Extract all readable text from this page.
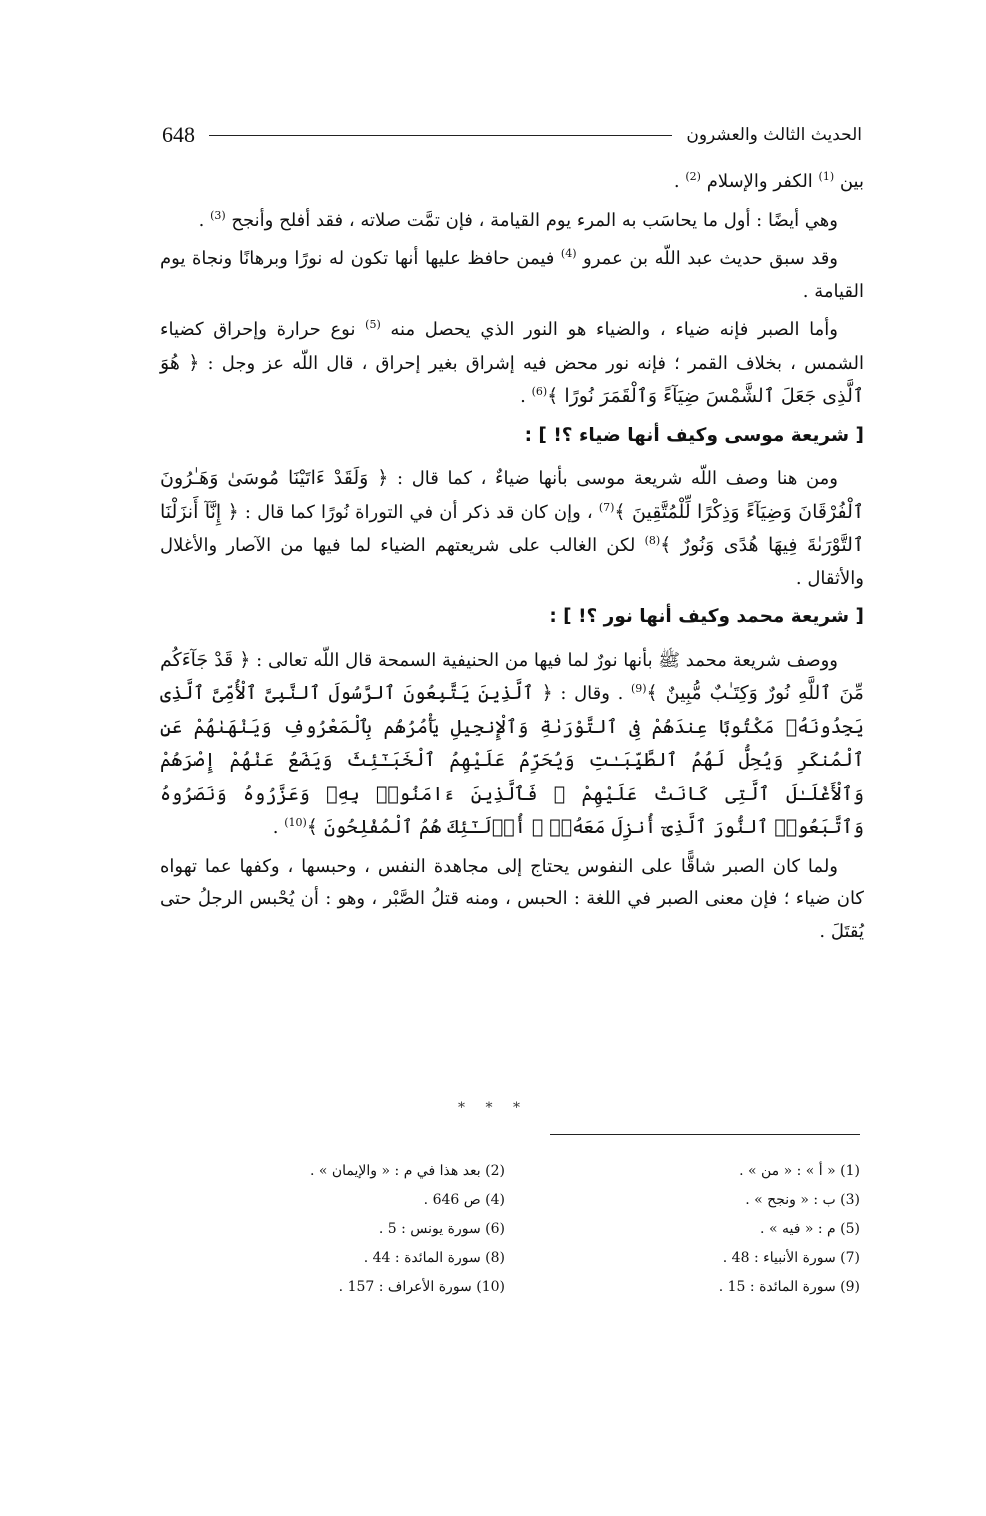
648	الحديث الثالث والعشرون

بين $^{(1)}$ الكفر والإسلام $^{(2)}$ .

وهي أيضًا : أول ما يحاسَب به المرء يوم القيامة ، فإن تمَّت صلاته ، فقد أفلح وأنجح $^{(3)}$ .

وقد سبق حديث عبد اللّه بن عمرو $^{(4)}$ فيمن حافظ عليها أنها تكون له نورًا وبرهانًا ونجاة يوم القيامة .

وأما الصبر فإنه ضياء ، والضياء هو النور الذي يحصل منه $^{(5)}$ نوع حرارة وإحراق كضياء الشمس ، بخلاف القمر ؛ فإنه نور محض فيه إشراق بغير إحراق ، قال اللّه عز وجل : ﴿ هُوَ ٱلَّذِى جَعَلَ ٱلشَّمْسَ ضِيَآءً وَٱلْقَمَرَ نُورًا ﴾$^{(6)}$ .

[ شريعة موسى وكيف أنها ضياء ؟! ] :

ومن هنا وصف اللّه شريعة موسى بأنها ضياءٌ ، كما قال : ﴿ وَلَقَدْ ءَاتَيْنَا مُوسَىٰ وَهَـٰرُونَ ٱلْفُرْقَانَ وَضِيَآءً وَذِكْرًا لِّلْمُتَّقِينَ ﴾$^{(7)}$ ، وإن كان قد ذكر أن في التوراة نُورًا كما قال : ﴿ إِنَّآ أَنزَلْنَا ٱلتَّوْرَىٰةَ فِيهَا هُدًى وَنُورٌ ﴾$^{(8)}$ لكن الغالب على شريعتهم الضياء لما فيها من الآصار والأغلال والأثقال .

[ شريعة محمد وكيف أنها نور ؟! ] :

ووصف شريعة محمد ﷺ بأنها نورٌ لما فيها من الحنيفية السمحة قال اللّه تعالى : ﴿ قَدْ جَآءَكُم مِّنَ ٱللَّهِ نُورٌ وَكِتَـٰبٌ مُّبِينٌ ﴾$^{(9)}$ . وقال : ﴿ ٱلَّذِينَ يَتَّبِعُونَ ٱلرَّسُولَ ٱلنَّبِىَّ ٱلْأُمِّىَّ ٱلَّذِى يَجِدُونَهُۥ مَكْتُوبًا عِندَهُمْ فِى ٱلتَّوْرَىٰةِ وَٱلْإِنجِيلِ يَأْمُرُهُم بِٱلْمَعْرُوفِ وَيَنْهَىٰهُمْ عَنِ ٱلْمُنكَرِ وَيُحِلُّ لَهُمُ ٱلطَّيِّبَـٰتِ وَيُحَرِّمُ عَلَيْهِمُ ٱلْخَبَـٰٓئِثَ وَيَضَعُ عَنْهُمْ إِصْرَهُمْ وَٱلْأَغْلَـٰلَ ٱلَّتِى كَانَتْ عَلَيْهِمْ ۚ فَٱلَّذِينَ ءَامَنُوا۟ بِهِۦ وَعَزَّرُوهُ وَنَصَرُوهُ وَٱتَّبَعُوا۟ ٱلنُّورَ ٱلَّذِىٓ أُنزِلَ مَعَهُۥٓ ۙ أُو۟لَـٰٓئِكَ هُمُ ٱلْمُفْلِحُونَ ﴾$^{(10)}$ .

ولما كان الصبر شاقًّا على النفوس يحتاج إلى مجاهدة النفس ، وحبسها ، وكفها عما تهواه كان ضياء ؛ فإن معنى الصبر في اللغة : الحبس ، ومنه قتلُ الصَّبْر ، وهو : أن يُحْبس الرجلُ حتى يُقتَلَ .

* * *
(1) « أ » : « من » .
(2) بعد هذا في م : « والإيمان » .
(3) ب : « ونجح » .
(4) ص 646 .
(5) م : « فيه » .
(6) سورة يونس : 5 .
(7) سورة الأنبياء : 48 .
(8) سورة المائدة : 44 .
(9) سورة المائدة : 15 .
(10) سورة الأعراف : 157 .
